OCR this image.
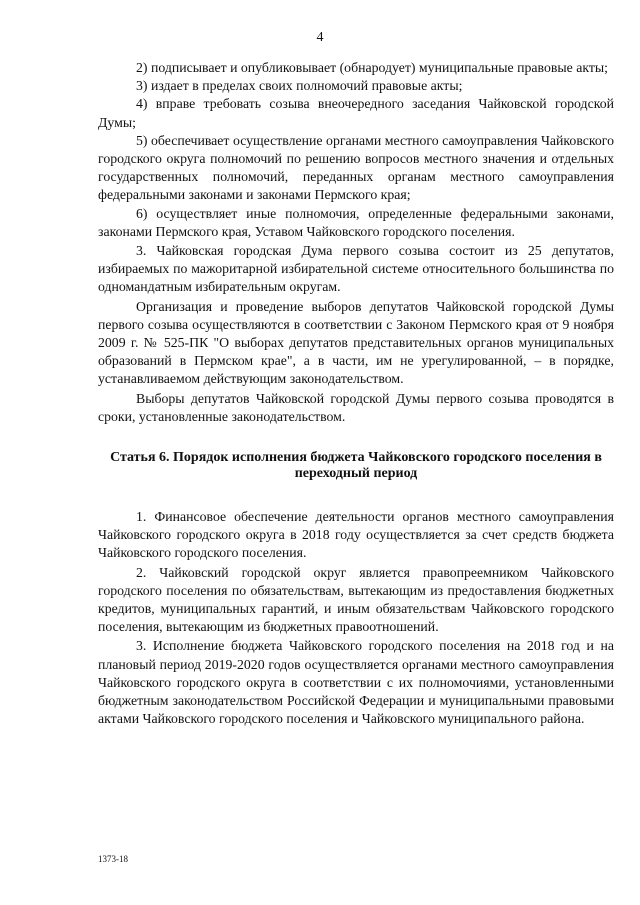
4

2) подписывает и опубликовывает (обнародует) муниципальные правовые акты;

3) издает в пределах своих полномочий правовые акты;

4) вправе требовать созыва внеочередного заседания Чайковской городской Думы;

5) обеспечивает осуществление органами местного самоуправления Чайковского городского округа полномочий по решению вопросов местного значения и отдельных государственных полномочий, переданных органам местного самоуправления федеральными законами и законами Пермского края;

6) осуществляет иные полномочия, определенные федеральными законами, законами Пермского края, Уставом Чайковского городского поселения.

3. Чайковская городская Дума первого созыва состоит из 25 депутатов, избираемых по мажоритарной избирательной системе относительного большинства по одномандатным избирательным округам.

Организация и проведение выборов депутатов Чайковской городской Думы первого созыва осуществляются в соответствии с Законом Пермского края от 9 ноября 2009 г. № 525-ПК "О выборах депутатов представительных органов муниципальных образований в Пермском крае", а в части, им не урегулированной, – в порядке, устанавливаемом действующим законодательством.

Выборы депутатов Чайковской городской Думы первого созыва проводятся в сроки, установленные законодательством.

Статья 6. Порядок исполнения бюджета Чайковского городского поселения в переходный период

1. Финансовое обеспечение деятельности органов местного самоуправления Чайковского городского округа в 2018 году осуществляется за счет средств бюджета Чайковского городского поселения.

2. Чайковский городской округ является правопреемником Чайковского городского поселения по обязательствам, вытекающим из предоставления бюджетных кредитов, муниципальных гарантий, и иным обязательствам Чайковского городского поселения, вытекающим из бюджетных правоотношений.

3. Исполнение бюджета Чайковского городского поселения на 2018 год и на плановый период 2019-2020 годов осуществляется органами местного самоуправления Чайковского городского округа в соответствии с их полномочиями, установленными бюджетным законодательством Российской Федерации и муниципальными правовыми актами Чайковского городского поселения и Чайковского муниципального района.

1373-18
